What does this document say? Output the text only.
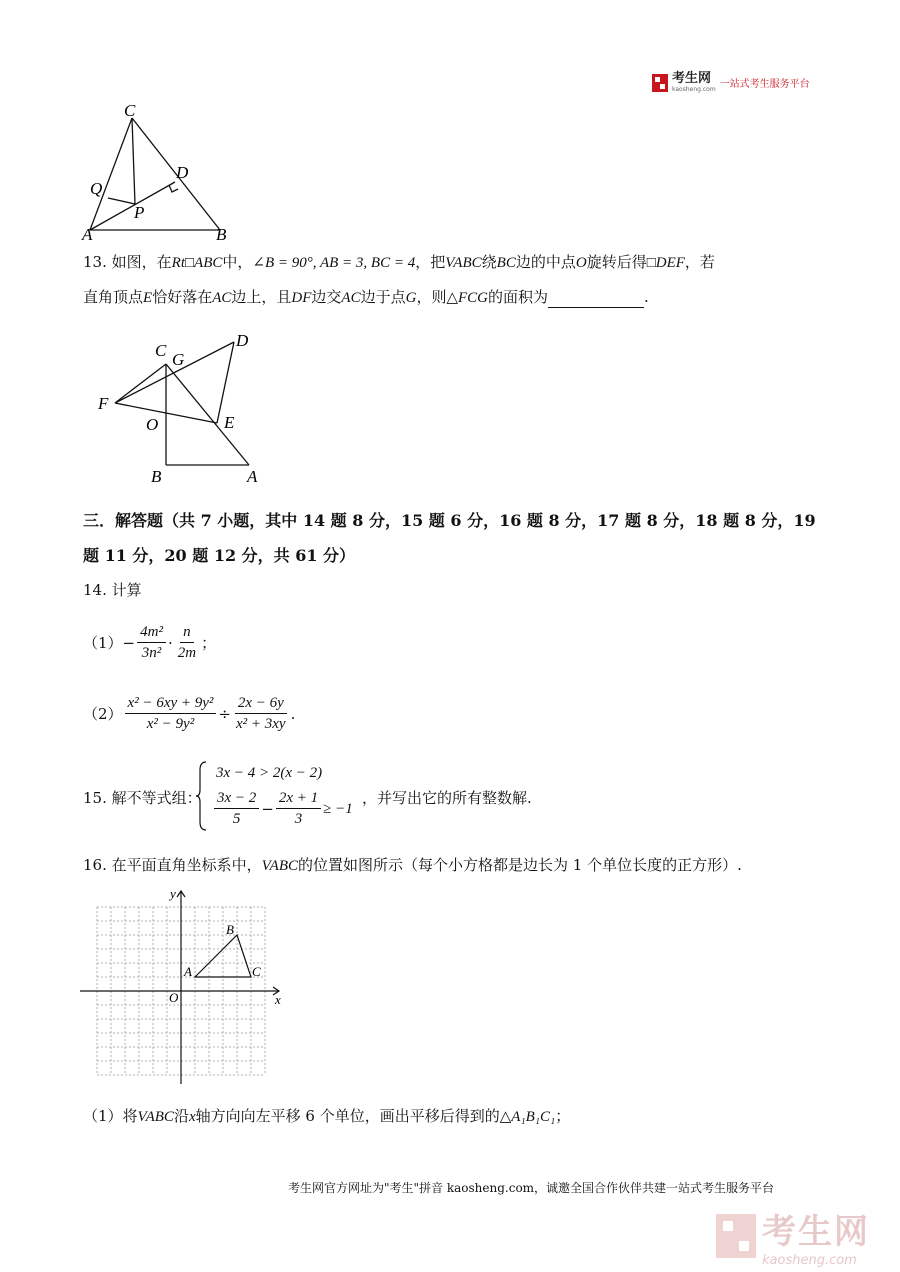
考生网
kaosheng.com 一站式考生服务平台
C
D
Q
P
A	B
13. 如图，在Rt□ABC中，∠B = 90°, AB = 3, BC = 4，把VABC绕BC边的中点O旋转后得□DEF，若
直角顶点E恰好落在AC边上，且DF边交AC边于点G，则△FCG的面积为	.
C G
D
F
O	E
B	A
三．解答题（共 7 小题，其中 14 题 8 分，15 题 6 分，16 题 8 分，17 题 8 分，18 题 8 分，19
题 11 分，20 题 12 分，共 61 分）
14. 计算
$(1) - \frac{\text{4m²}}{\text{3n²}} \cdot \frac{n}{2m}$ ；
$(2) \frac{\text{x² − 6xy + 9y²}}{\text{x² − 9y²}} \div \frac{2x - 6y}{\text{x² + 3xy}}$ .
15. 解不等式组：
3x − 4 > 2(x − 2)
$\frac{3x - 2}{5} - \frac{2x + 1}{3} \ge -1$
，并写出它的所有整数解.
16. 在平面直角坐标系中，VABC的位置如图所示（每个小方格都是边长为 1 个单位长度的正方形）.
y
B
A	C
O	x
（1）将VABC沿x轴方向向左平移 6 个单位，画出平移后得到的△A₁B₁C₁；
考生网官方网址为"考生"拼音 kaosheng.com，诚邀全国合作伙伴共建一站式考生服务平台
考生网
kaosheng.com
